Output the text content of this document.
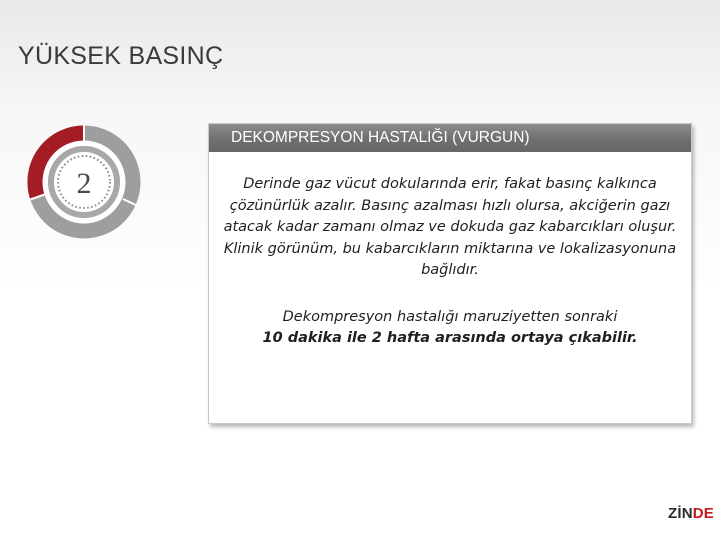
YÜKSEK BASINÇ
2
DEKOMPRESYON HASTALIĞI (VURGUN)

Derinde gaz vücut dokularında erir, fakat basınç kalkınca çözünürlük azalır. Basınç azalması hızlı olursa, akciğerin gazı atacak kadar zamanı olmaz ve dokuda gaz kabarcıkları oluşur. Klinik görünüm, bu kabarcıkların miktarına ve lokalizasyonuna bağlıdır.

Dekompresyon hastalığı maruziyetten sonraki
10 dakika ile 2 hafta arasında ortaya çıkabilir.

ZİNDE
